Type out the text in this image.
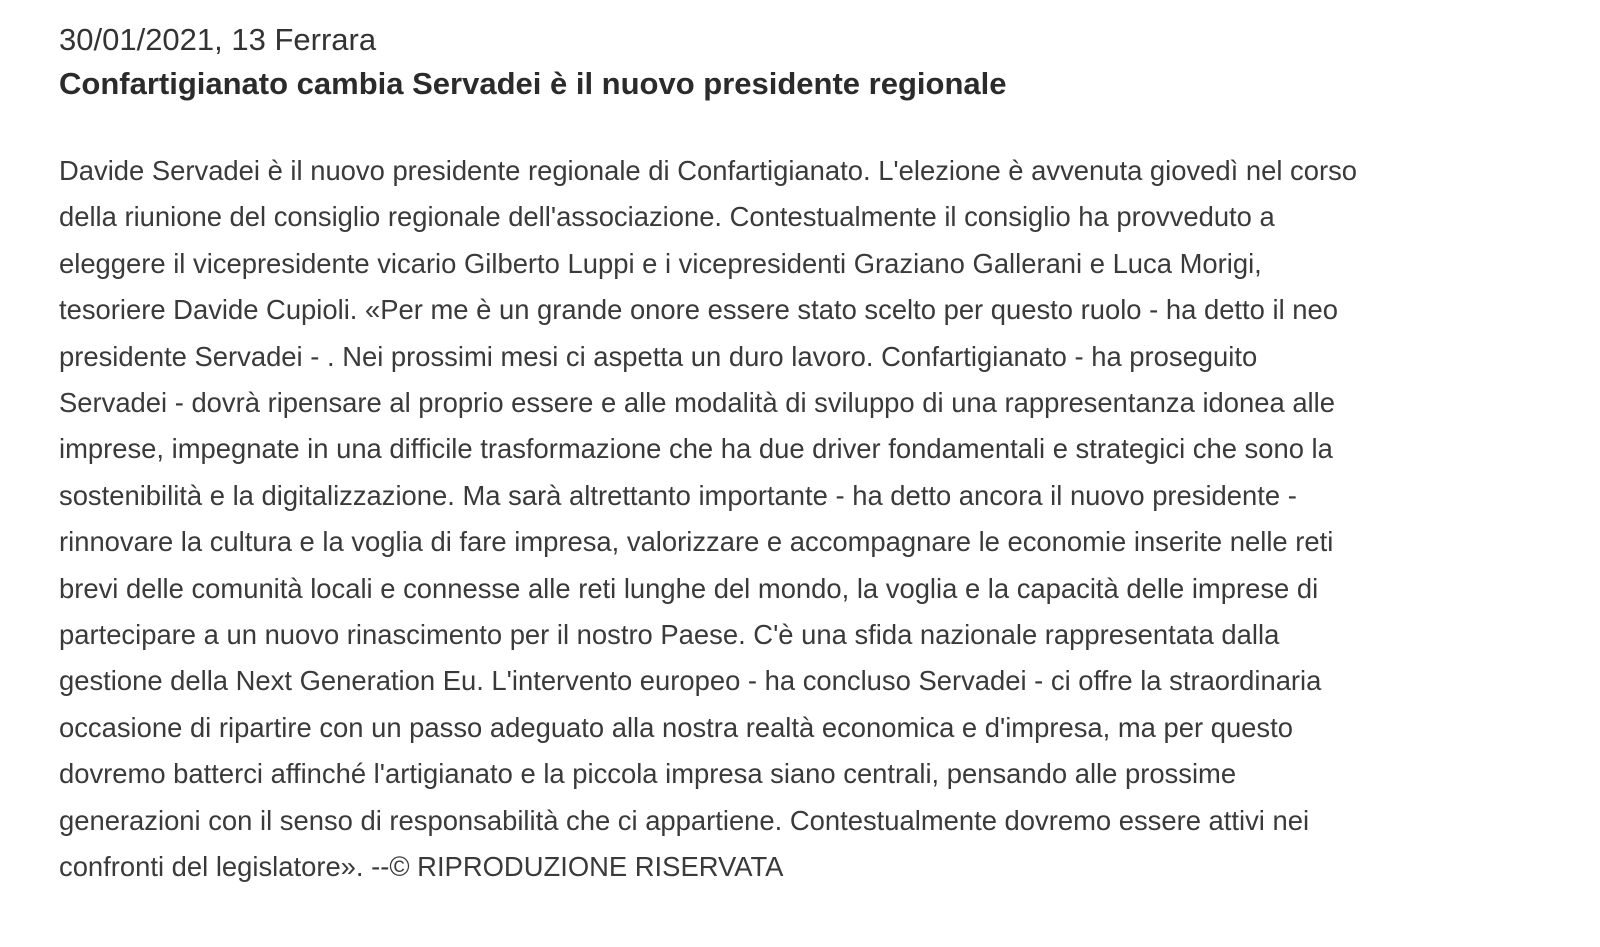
30/01/2021, 13 Ferrara

Confartigianato cambia Servadei è il nuovo presidente regionale
Davide Servadei è il nuovo presidente regionale di Confartigianato. L'elezione è avvenuta giovedì nel corso
della riunione del consiglio regionale dell'associazione. Contestualmente il consiglio ha provveduto a
eleggere il vicepresidente vicario Gilberto Luppi e i vicepresidenti Graziano Gallerani e Luca Morigi,
tesoriere Davide Cupioli. «Per me è un grande onore essere stato scelto per questo ruolo - ha detto il neo
presidente Servadei - . Nei prossimi mesi ci aspetta un duro lavoro. Confartigianato - ha proseguito
Servadei - dovrà ripensare al proprio essere e alle modalità di sviluppo di una rappresentanza idonea alle
imprese, impegnate in una difficile trasformazione che ha due driver fondamentali e strategici che sono la
sostenibilità e la digitalizzazione. Ma sarà altrettanto importante - ha detto ancora il nuovo presidente -
rinnovare la cultura e la voglia di fare impresa, valorizzare e accompagnare le economie inserite nelle reti
brevi delle comunità locali e connesse alle reti lunghe del mondo, la voglia e la capacità delle imprese di
partecipare a un nuovo rinascimento per il nostro Paese. C'è una sfida nazionale rappresentata dalla
gestione della Next Generation Eu. L'intervento europeo - ha concluso Servadei - ci offre la straordinaria
occasione di ripartire con un passo adeguato alla nostra realtà economica e d'impresa, ma per questo
dovremo batterci affinché l'artigianato e la piccola impresa siano centrali, pensando alle prossime
generazioni con il senso di responsabilità che ci appartiene. Contestualmente dovremo essere attivi nei
confronti del legislatore». --© RIPRODUZIONE RISERVATA
